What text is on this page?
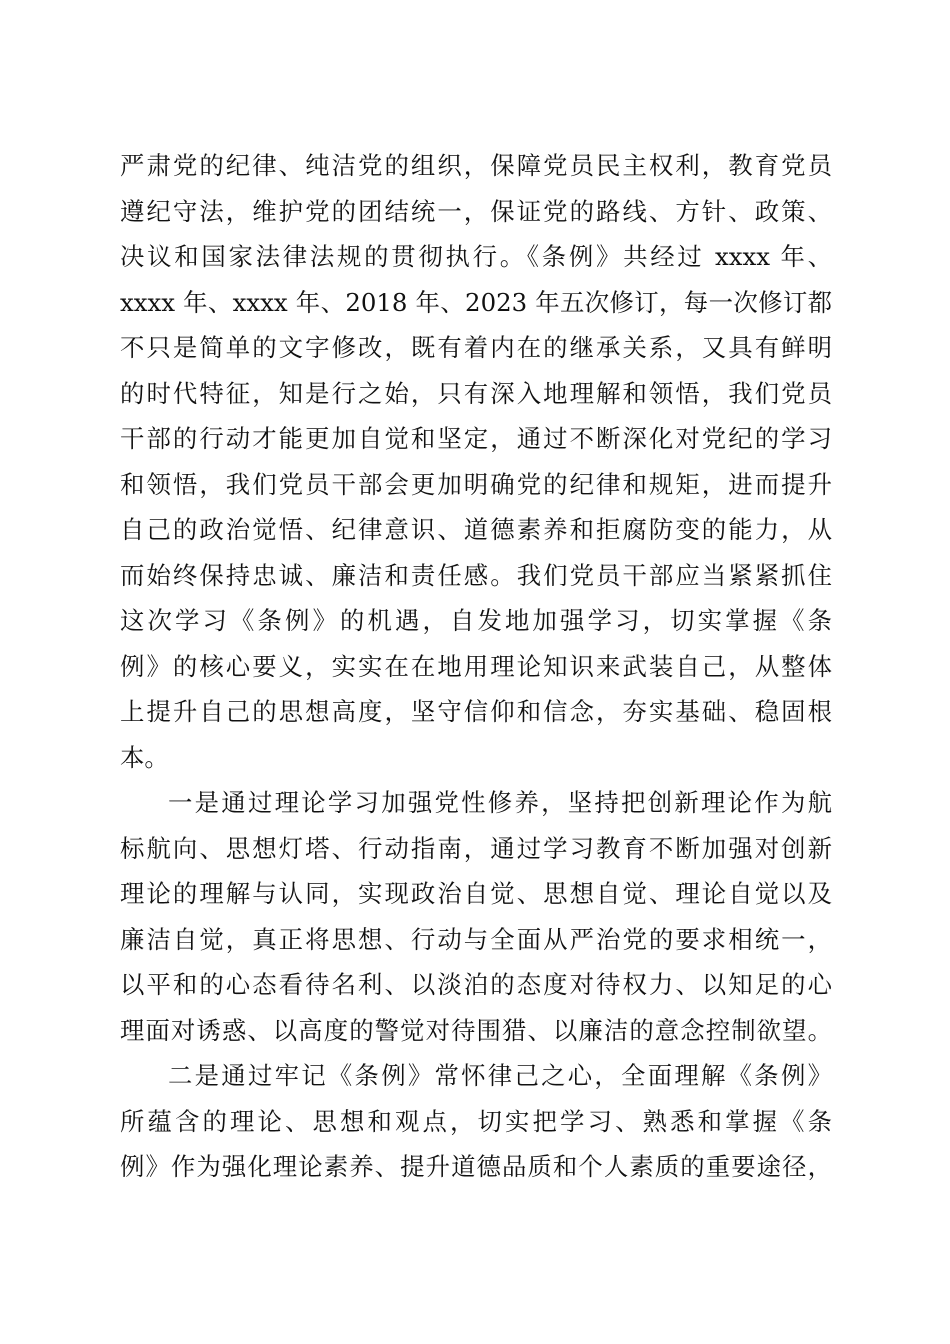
严肃党的纪律、纯洁党的组织，保障党员民主权利，教育党员
遵纪守法，维护党的团结统一，保证党的路线、方针、政策、
决议和国家法律法规的贯彻执行。《条例》共经过 xxxx 年、
xxxx 年、xxxx 年、2018 年、2023 年五次修订，每一次修订都
不只是简单的文字修改，既有着内在的继承关系，又具有鲜明
的时代特征，知是行之始，只有深入地理解和领悟，我们党员
干部的行动才能更加自觉和坚定，通过不断深化对党纪的学习
和领悟，我们党员干部会更加明确党的纪律和规矩，进而提升
自己的政治觉悟、纪律意识、道德素养和拒腐防变的能力，从
而始终保持忠诚、廉洁和责任感。我们党员干部应当紧紧抓住
这次学习《条例》的机遇，自发地加强学习，切实掌握《条
例》的核心要义，实实在在地用理论知识来武装自己，从整体
上提升自己的思想高度，坚守信仰和信念，夯实基础、稳固根
本。
一是通过理论学习加强党性修养，坚持把创新理论作为航
标航向、思想灯塔、行动指南，通过学习教育不断加强对创新
理论的理解与认同，实现政治自觉、思想自觉、理论自觉以及
廉洁自觉，真正将思想、行动与全面从严治党的要求相统一，
以平和的心态看待名利、以淡泊的态度对待权力、以知足的心
理面对诱惑、以高度的警觉对待围猎、以廉洁的意念控制欲望。
二是通过牢记《条例》常怀律己之心，全面理解《条例》
所蕴含的理论、思想和观点，切实把学习、熟悉和掌握《条
例》作为强化理论素养、提升道德品质和个人素质的重要途径，
